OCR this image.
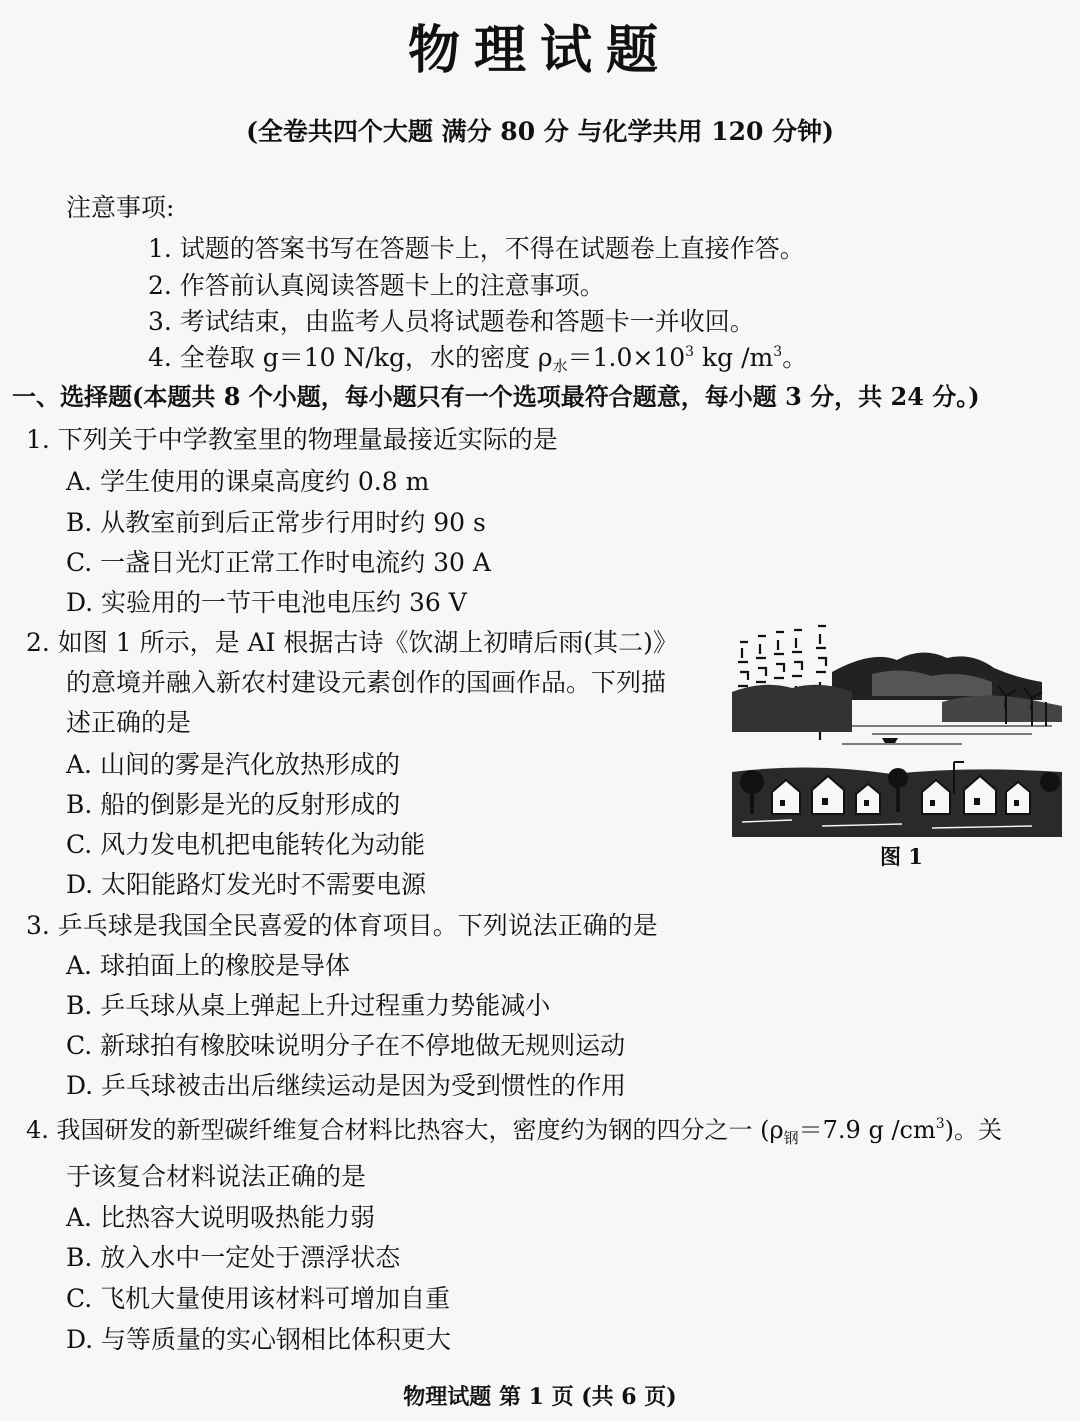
物理试题
(全卷共四个大题 满分 80 分 与化学共用 120 分钟)
注意事项:
1. 试题的答案书写在答题卡上，不得在试题卷上直接作答。
2. 作答前认真阅读答题卡上的注意事项。
3. 考试结束，由监考人员将试题卷和答题卡一并收回。
4. 全卷取 g＝10 N/kg，水的密度 $\rho_水=1.0\times 10^3$ kg $/m^3$。
一、选择题(本题共 8 个小题，每小题只有一个选项最符合题意，每小题 3 分，共 24 分。)
1. 下列关于中学教室里的物理量最接近实际的是
A. 学生使用的课桌高度约 0.8 m
B. 从教室前到后正常步行用时约 90 s
C. 一盏日光灯正常工作时电流约 30 A
D. 实验用的一节干电池电压约 36 V
2. 如图 1 所示，是 AI 根据古诗《饮湖上初晴后雨(其二)》
的意境并融入新农村建设元素创作的国画作品。下列描
述正确的是
A. 山间的雾是汽化放热形成的
B. 船的倒影是光的反射形成的
C. 风力发电机把电能转化为动能
D. 太阳能路灯发光时不需要电源
图 1
3. 乒乓球是我国全民喜爱的体育项目。下列说法正确的是
A. 球拍面上的橡胶是导体
B. 乒乓球从桌上弹起上升过程重力势能减小
C. 新球拍有橡胶味说明分子在不停地做无规则运动
D. 乒乓球被击出后继续运动是因为受到惯性的作用
4. 我国研发的新型碳纤维复合材料比热容大，密度约为钢的四分之一 ($\rho_钢=7.9$ g $/cm^3$)。关
于该复合材料说法正确的是
A. 比热容大说明吸热能力弱
B. 放入水中一定处于漂浮状态
C. 飞机大量使用该材料可增加自重
D. 与等质量的实心钢相比体积更大
物理试题 第 1 页 (共 6 页)
